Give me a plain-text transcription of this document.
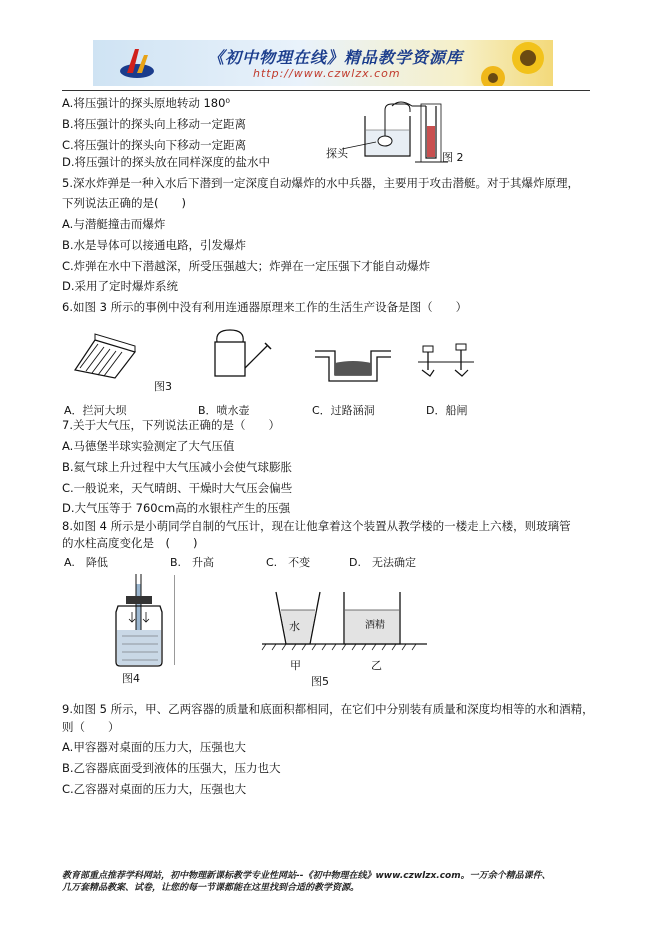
《初中物理在线》精品教学资源库
http://www.czwlzx.com
A.将压强计的探头原地转动 180⁰
B.将压强计的探头向上移动一定距离
C.将压强计的探头向下移动一定距离
D.将压强计的探头放在同样深度的盐水中
探头	图 2
5.深水炸弹是一种入水后下潜到一定深度自动爆炸的水中兵器，主要用于攻击潜艇。对于其爆炸原理，
下列说法正确的是(　　)
A.与潜艇撞击而爆炸
B.水是导体可以接通电路，引发爆炸
C.炸弹在水中下潜越深，所受压强越大；炸弹在一定压强下才能自动爆炸
D.采用了定时爆炸系统
6.如图 3 所示的事例中没有利用连通器原理来工作的生活生产设备是图（　　）
图3
A．拦河大坝	B．喷水壶	C．过路涵洞	D．船闸
7.关于大气压，下列说法正确的是（　　）
A.马德堡半球实验测定了大气压值
B.氦气球上升过程中大气压减小会使气球膨胀
C.一般说来，天气晴朗、干燥时大气压会偏些
D.大气压等于 760cm高的水银柱产生的压强
8.如图 4 所示是小萌同学自制的气压计，现在让他拿着这个装置从教学楼的一楼走上六楼，则玻璃管
的水柱高度变化是　(　　)
A.　降低	B.　升高	C.　不变	D.　无法确定
图4
水	酒精
甲	乙
图5
9.如图 5 所示，甲、乙两容器的质量和底面积都相同，在它们中分别装有质量和深度均相等的水和酒精，
则（　　）
A.甲容器对桌面的压力大，压强也大
B.乙容器底面受到液体的压强大，压力也大
C.乙容器对桌面的压力大，压强也大
教育部重点推荐学科网站，初中物理新课标教学专业性网站--《初中物理在线》www.czwlzx.com。一万余个精品课件、
几万套精品教案、试卷，让您的每一节课都能在这里找到合适的教学资源。
